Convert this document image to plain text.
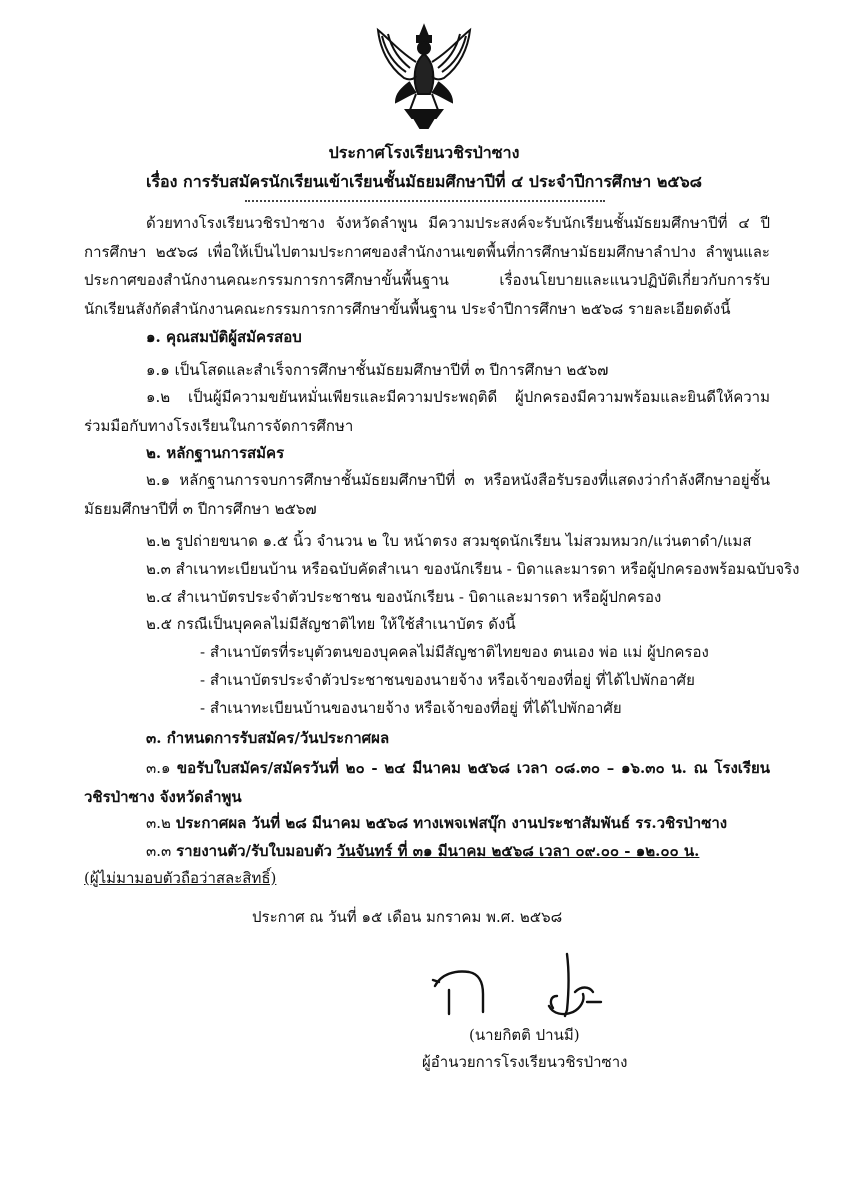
ประกาศโรงเรียนวชิรป่าซาง
เรื่อง การรับสมัครนักเรียนเข้าเรียนชั้นมัธยมศึกษาปีที่ ๔ ประจำปีการศึกษา ๒๕๖๘
ด้วยทางโรงเรียนวชิรป่าซาง จังหวัดลำพูน มีความประสงค์จะรับนักเรียนชั้นมัธยมศึกษาปีที่ ๔ ปีการศึกษา ๒๕๖๘ เพื่อให้เป็นไปตามประกาศของสำนักงานเขตพื้นที่การศึกษามัธยมศึกษาลำปาง ลำพูนและประกาศของสำนักงานคณะกรรมการการศึกษาขั้นพื้นฐาน เรื่องนโยบายและแนวปฏิบัติเกี่ยวกับการรับนักเรียนสังกัดสำนักงานคณะกรรมการการศึกษาขั้นพื้นฐาน ประจำปีการศึกษา ๒๕๖๘ รายละเอียดดังนี้
๑. คุณสมบัติผู้สมัครสอบ
๑.๑ เป็นโสดและสำเร็จการศึกษาชั้นมัธยมศึกษาปีที่ ๓ ปีการศึกษา ๒๕๖๗
๑.๒ เป็นผู้มีความขยันหมั่นเพียรและมีความประพฤติดี ผู้ปกครองมีความพร้อมและยินดีให้ความร่วมมือกับทางโรงเรียนในการจัดการศึกษา
๒. หลักฐานการสมัคร
๒.๑ หลักฐานการจบการศึกษาชั้นมัธยมศึกษาปีที่ ๓ หรือหนังสือรับรองที่แสดงว่ากำลังศึกษาอยู่ชั้นมัธยมศึกษาปีที่ ๓ ปีการศึกษา ๒๕๖๗
๒.๒ รูปถ่ายขนาด ๑.๕ นิ้ว จำนวน ๒ ใบ หน้าตรง สวมชุดนักเรียน ไม่สวมหมวก/แว่นตาดำ/แมส
๒.๓ สำเนาทะเบียนบ้าน หรือฉบับคัดสำเนา ของนักเรียน - บิดาและมารดา หรือผู้ปกครองพร้อมฉบับจริง
๒.๔ สำเนาบัตรประจำตัวประชาชน ของนักเรียน - บิดาและมารดา หรือผู้ปกครอง
๒.๕ กรณีเป็นบุคคลไม่มีสัญชาติไทย ให้ใช้สำเนาบัตร ดังนี้
- สำเนาบัตรที่ระบุตัวตนของบุคคลไม่มีสัญชาติไทยของ ตนเอง พ่อ แม่ ผู้ปกครอง
- สำเนาบัตรประจำตัวประชาชนของนายจ้าง หรือเจ้าของที่อยู่ ที่ได้ไปพักอาศัย
- สำเนาทะเบียนบ้านของนายจ้าง หรือเจ้าของที่อยู่ ที่ได้ไปพักอาศัย
๓. กำหนดการรับสมัคร/วันประกาศผล
๓.๑ ขอรับใบสมัคร/สมัครวันที่ ๒๐ - ๒๔ มีนาคม ๒๕๖๘ เวลา ๐๘.๓๐ – ๑๖.๓๐ น. ณ โรงเรียนวชิรป่าซาง จังหวัดลำพูน
๓.๒ ประกาศผล วันที่ ๒๘ มีนาคม ๒๕๖๘ ทางเพจเฟสบุ๊ก งานประชาสัมพันธ์ รร.วชิรป่าซาง
๓.๓ รายงานตัว/รับใบมอบตัว วันจันทร์ ที่ ๓๑ มีนาคม ๒๕๖๘ เวลา ๐๙.๐๐ - ๑๒.๐๐ น.
(ผู้ไม่มามอบตัวถือว่าสละสิทธิ์)
ประกาศ ณ วันที่ ๑๕ เดือน มกราคม พ.ศ. ๒๕๖๘
(นายกิตติ ปานมี)
ผู้อำนวยการโรงเรียนวชิรป่าซาง
